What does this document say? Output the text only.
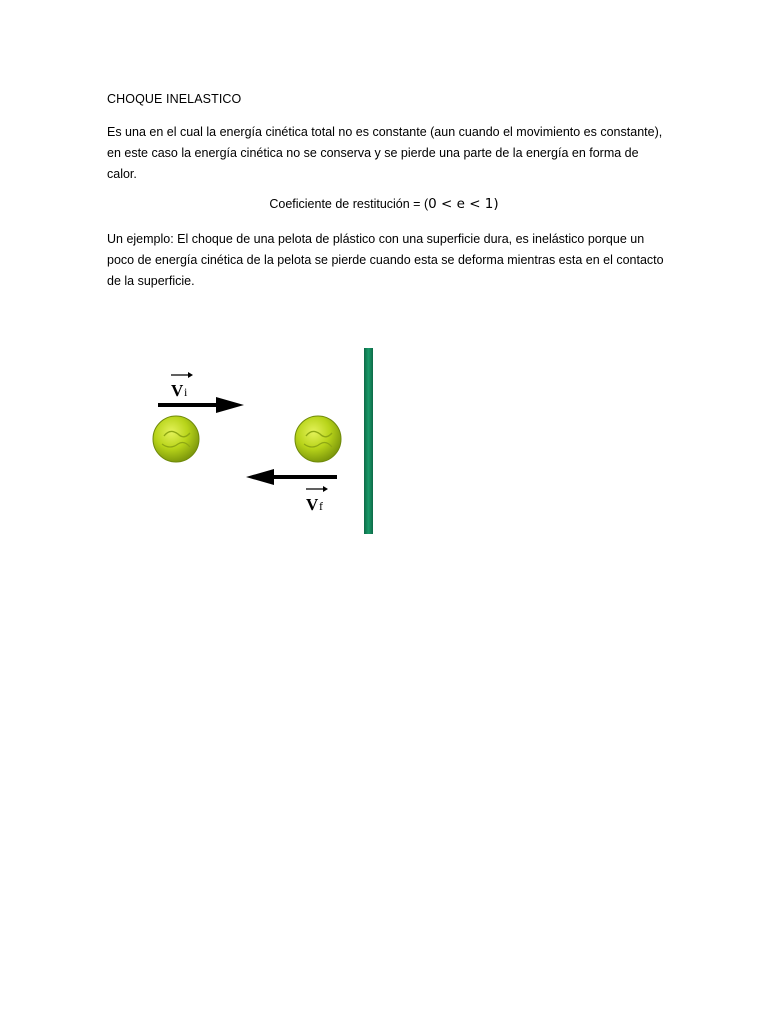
CHOQUE INELASTICO
Es una en el cual la energía cinética total no es constante (aun cuando el movimiento es constante), en este caso la energía cinética no se conserva y se pierde una parte de la energía en forma de calor.
Coeficiente de restitución = (0 < e < 1)
Un ejemplo: El choque de una pelota de plástico con una superficie dura, es inelástico porque un poco de energía cinética de la pelota se pierde cuando esta se deforma mientras esta en el contacto de la superficie.
V i
V f
